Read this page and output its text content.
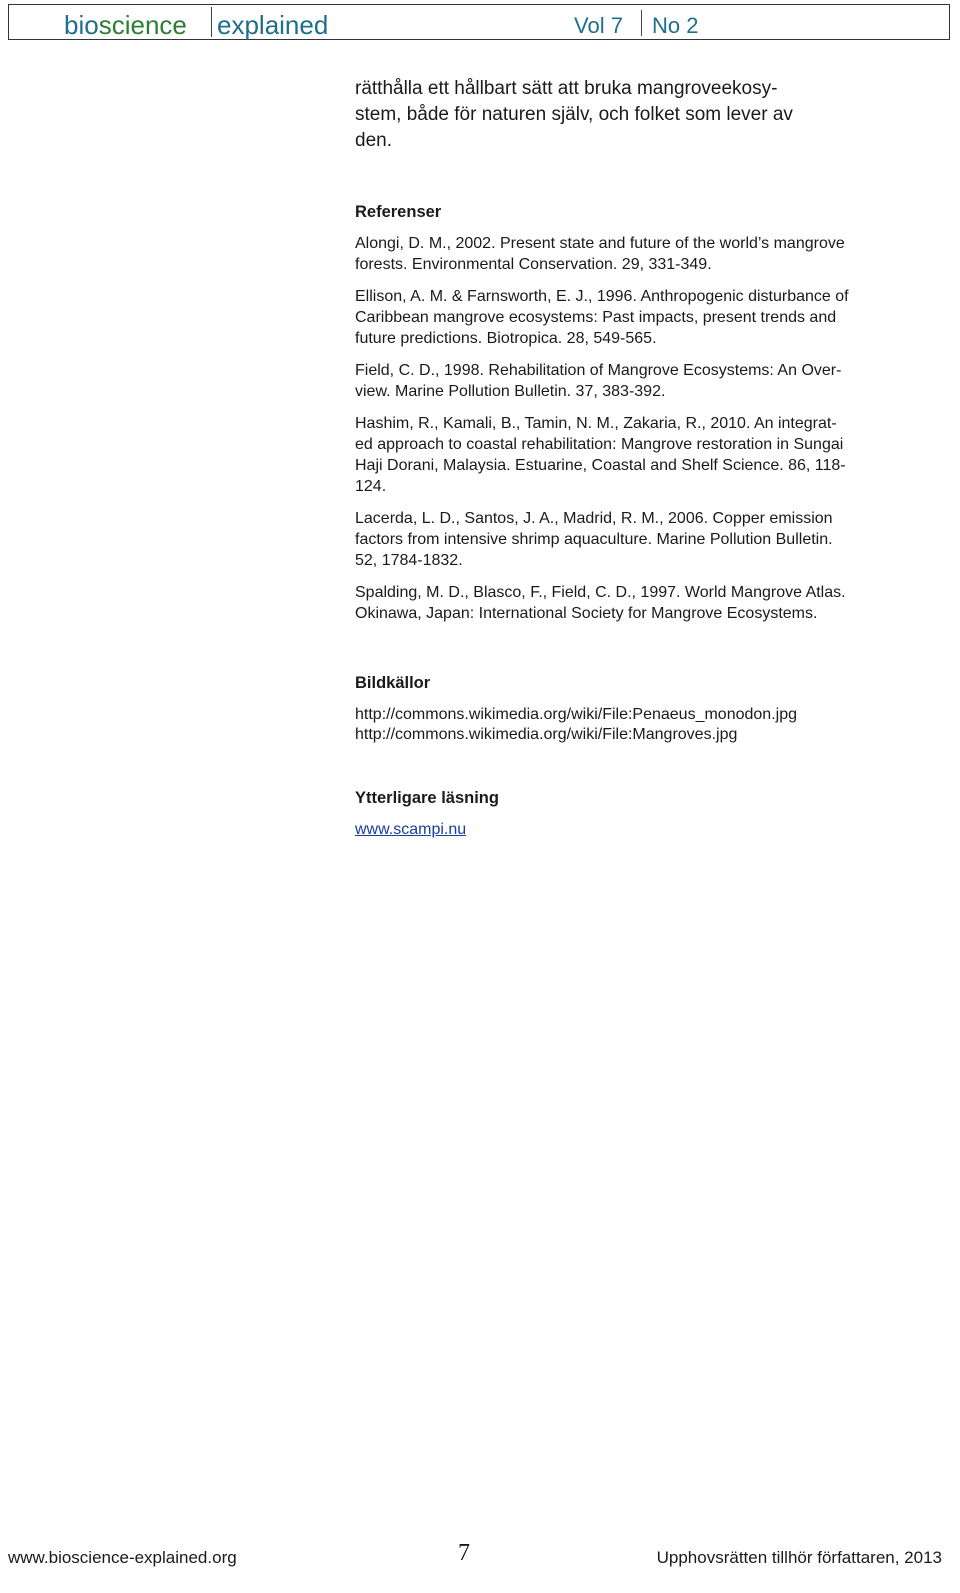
bioscience explained	Vol 7 No 2

rätthålla ett hållbart sätt att bruka mangroveekosy-
stem, både för naturen själv, och folket som lever av
den.

Referenser

Alongi, D. M., 2002. Present state and future of the world’s mangrove
forests. Environmental Conservation. 29, 331-349.

Ellison, A. M. & Farnsworth, E. J., 1996. Anthropogenic disturbance of
Caribbean mangrove ecosystems: Past impacts, present trends and
future predictions. Biotropica. 28, 549-565.

Field, C. D., 1998. Rehabilitation of Mangrove Ecosystems: An Over-
view. Marine Pollution Bulletin. 37, 383-392.

Hashim, R., Kamali, B., Tamin, N. M., Zakaria, R., 2010. An integrat-
ed approach to coastal rehabilitation: Mangrove restoration in Sungai
Haji Dorani, Malaysia. Estuarine, Coastal and Shelf Science. 86, 118-
124.

Lacerda, L. D., Santos, J. A., Madrid, R. M., 2006. Copper emission
factors from intensive shrimp aquaculture. Marine Pollution Bulletin.
52, 1784-1832.

Spalding, M. D., Blasco, F., Field, C. D., 1997. World Mangrove Atlas.
Okinawa, Japan: International Society for Mangrove Ecosystems.

Bildkällor

http://commons.wikimedia.org/wiki/File:Penaeus_monodon.jpg

http://commons.wikimedia.org/wiki/File:Mangroves.jpg

Ytterligare läsning
www.scampi.nu
www.bioscience-explained.org	7	Upphovsrätten tillhör författaren, 2013
